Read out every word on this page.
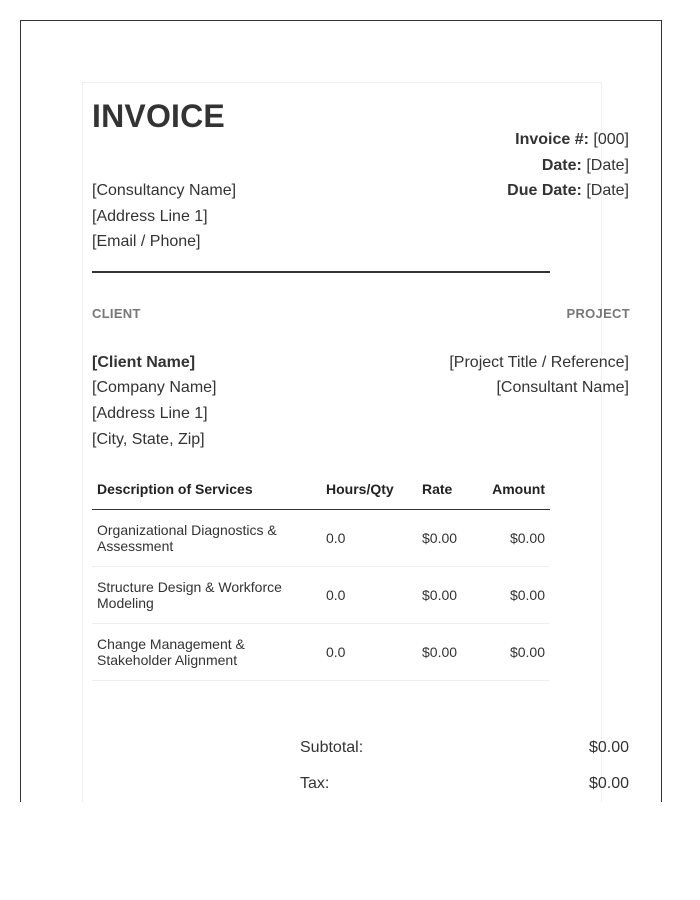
INVOICE
[Consultancy Name]
[Address Line 1]
[Email / Phone]
Invoice #: [000]
Date: [Date]
Due Date: [Date]
CLIENT	PROJECT
[Client Name]
[Company Name]
[Address Line 1]
[City, State, Zip]
[Project Title / Reference]
[Consultant Name]
Description of Services	Hours/Qty	Rate	Amount
Organizational Diagnostics & Assessment	0.0	$0.00	$0.00
Structure Design & Workforce Modeling	0.0	$0.00	$0.00
Change Management & Stakeholder Alignment	0.0	$0.00	$0.00
Subtotal:	$0.00
Tax:	$0.00
